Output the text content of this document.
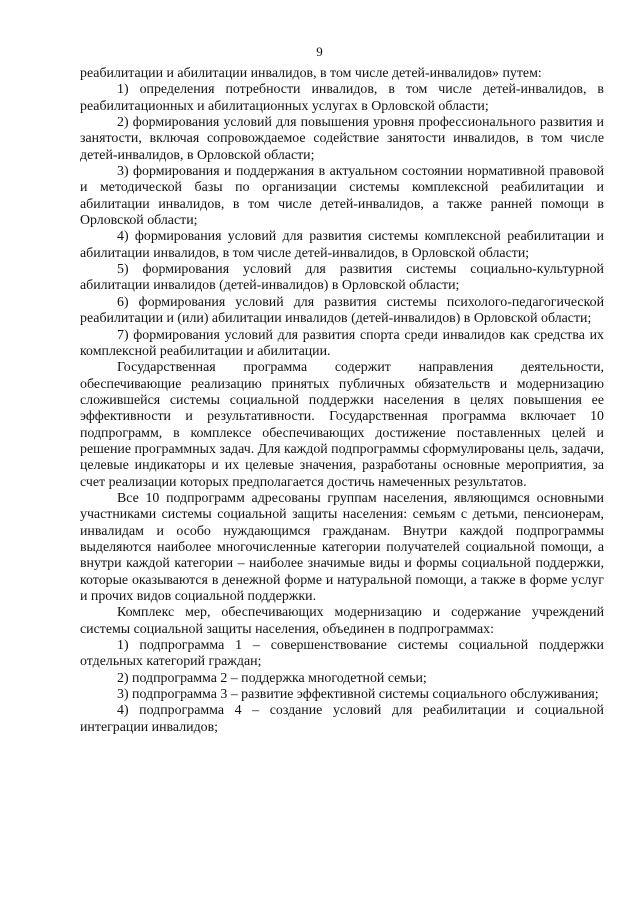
9

реабилитации и абилитации инвалидов, в том числе детей-инвалидов» путем:

1) определения потребности инвалидов, в том числе детей-инвалидов, в реабилитационных и абилитационных услугах в Орловской области;

2) формирования условий для повышения уровня профессионального развития и занятости, включая сопровождаемое содействие занятости инвалидов, в том числе детей-инвалидов, в Орловской области;

3) формирования и поддержания в актуальном состоянии нормативной правовой и методической базы по организации системы комплексной реабилитации и абилитации инвалидов, в том числе детей-инвалидов, а также ранней помощи в Орловской области;

4) формирования условий для развития системы комплексной реабилитации и абилитации инвалидов, в том числе детей-инвалидов, в Орловской области;

5) формирования условий для развития системы социально-культурной абилитации инвалидов (детей-инвалидов) в Орловской области;

6) формирования условий для развития системы психолого-педагогической реабилитации и (или) абилитации инвалидов (детей-инвалидов) в Орловской области;

7) формирования условий для развития спорта среди инвалидов как средства их комплексной реабилитации и абилитации.

Государственная программа содержит направления деятельности, обеспечивающие реализацию принятых публичных обязательств и модернизацию сложившейся системы социальной поддержки населения в целях повышения ее эффективности и результативности. Государственная программа включает 10 подпрограмм, в комплексе обеспечивающих достижение поставленных целей и решение программных задач. Для каждой подпрограммы сформулированы цель, задачи, целевые индикаторы и их целевые значения, разработаны основные мероприятия, за счет реализации которых предполагается достичь намеченных результатов.

Все 10 подпрограмм адресованы группам населения, являющимся основными участниками системы социальной защиты населения: семьям с детьми, пенсионерам, инвалидам и особо нуждающимся гражданам. Внутри каждой подпрограммы выделяются наиболее многочисленные категории получателей социальной помощи, а внутри каждой категории – наиболее значимые виды и формы социальной поддержки, которые оказываются в денежной форме и натуральной помощи, а также в форме услуг и прочих видов социальной поддержки.

Комплекс мер, обеспечивающих модернизацию и содержание учреждений системы социальной защиты населения, объединен в подпрограммах:

1) подпрограмма 1 – совершенствование системы социальной поддержки отдельных категорий граждан;

2) подпрограмма 2 – поддержка многодетной семьи;

3) подпрограмма 3 – развитие эффективной системы социального обслуживания;

4) подпрограмма 4 – создание условий для реабилитации и социальной интеграции инвалидов;
